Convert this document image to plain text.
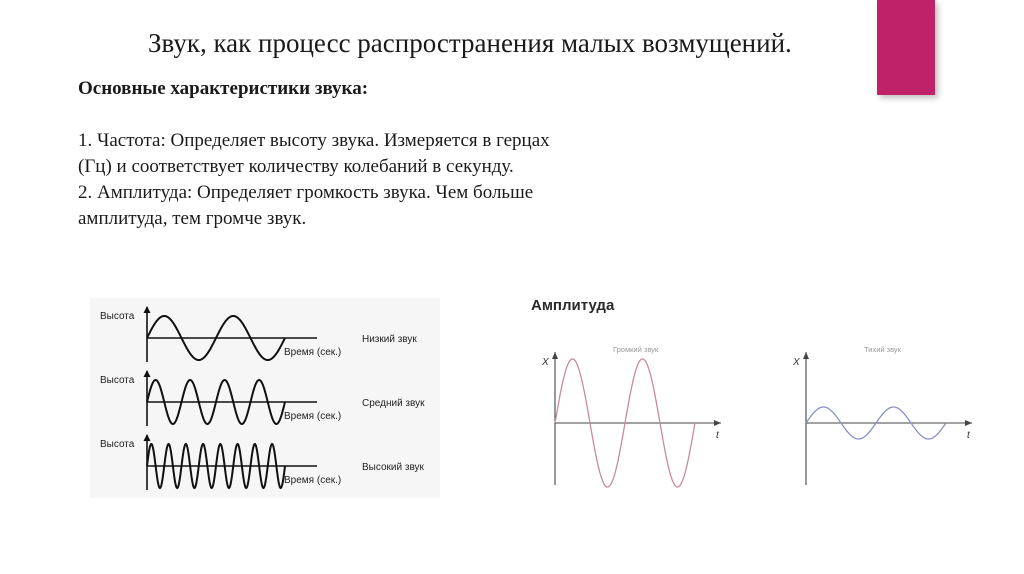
Звук, как процесс распространения малых возмущений.
Основные характеристики звука:

1. Частота: Определяет высоту звука. Измеряется в герцах (Гц) и соответствует количеству колебаний в секунду.

2. Амплитуда: Определяет громкость звука. Чем больше амплитуда, тем громче звук.

Высота
Время (сек.)
Низкий звук
Высота
Время (сек.)
Средний звук
Высота
Время (сек.)
Высокий звук
Амплитуда
Громкий звук
X
t
Тихий звук
X
t
